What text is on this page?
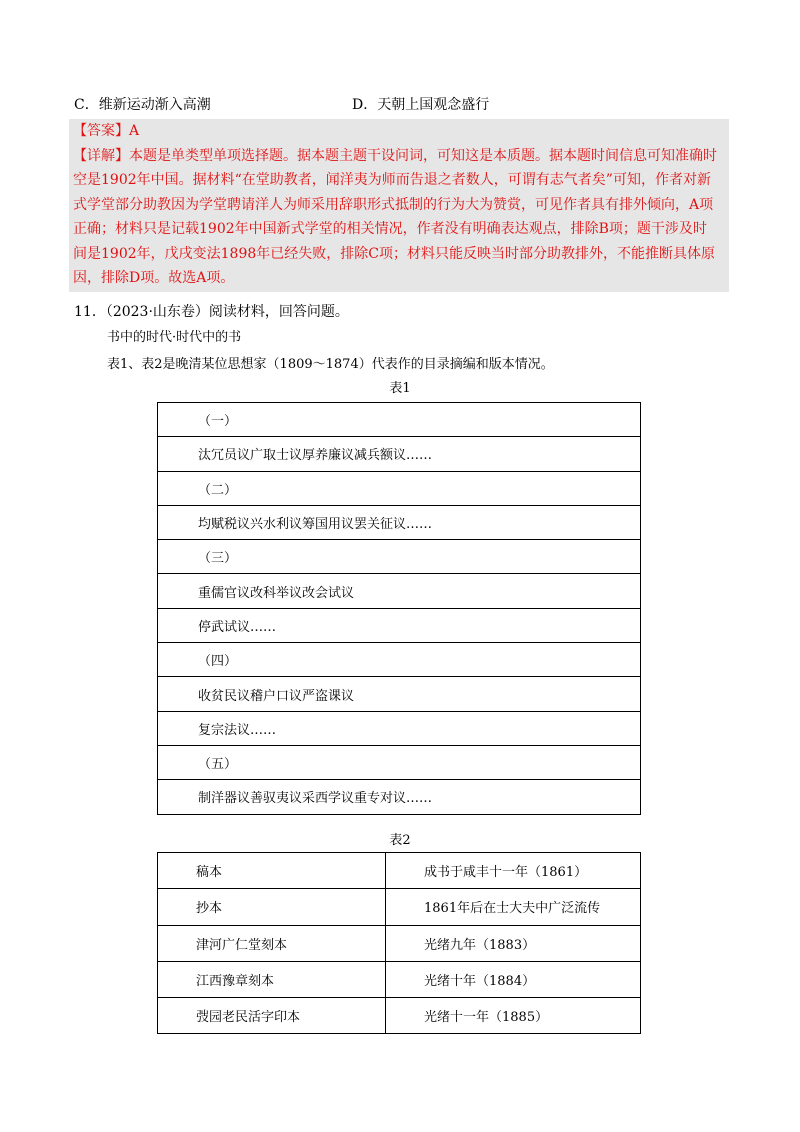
C．维新运动渐入高潮	D．天朝上国观念盛行
【答案】A
【详解】本题是单类型单项选择题。据本题主题干设问词，可知这是本质题。据本题时间信息可知准确时
空是1902年中国。据材料“在堂助教者，闻洋夷为师而告退之者数人，可谓有志气者矣”可知，作者对新
式学堂部分助教因为学堂聘请洋人为师采用辞职形式抵制的行为大为赞赏，可见作者具有排外倾向，A项
正确；材料只是记载1902年中国新式学堂的相关情况，作者没有明确表达观点，排除B项；题干涉及时
间是1902年，戊戌变法1898年已经失败，排除C项；材料只能反映当时部分助教排外，不能推断具体原
因，排除D项。故选A项。
11．（2023·山东卷）阅读材料，回答问题。
书中的时代·时代中的书
表1、表2是晚清某位思想家（1809～1874）代表作的目录摘编和版本情况。
表1
（一）
汰冗员议广取士议厚养廉议减兵额议……
（二）
均赋税议兴水利议筹国用议罢关征议……
（三）
重儒官议改科举议改会试议
停武试议……
（四）
收贫民议稽户口议严盗课议
复宗法议……
（五）
制洋器议善驭夷议采西学议重专对议……
表2
稿本	成书于咸丰十一年（1861）
抄本	1861年后在士大夫中广泛流传
津河广仁堂刻本	光绪九年（1883）
江西豫章刻本	光绪十年（1884）
弢园老民活字印本	光绪十一年（1885）
